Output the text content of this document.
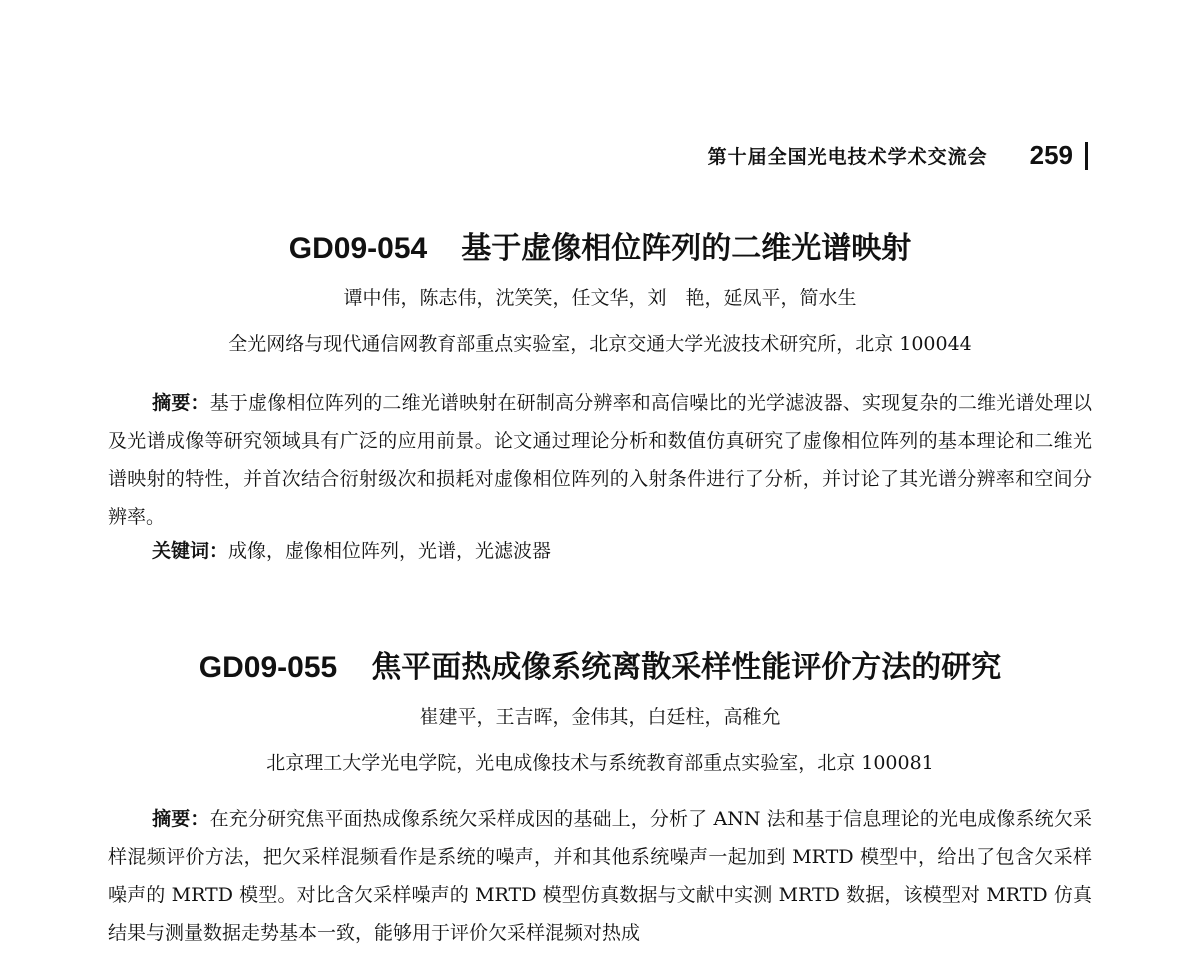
第十届全国光电技术学术交流会 259
GD09-054 基于虚像相位阵列的二维光谱映射
谭中伟，陈志伟，沈笑笑，任文华，刘　艳，延凤平，简水生
全光网络与现代通信网教育部重点实验室，北京交通大学光波技术研究所，北京 100044
摘要：基于虚像相位阵列的二维光谱映射在研制高分辨率和高信噪比的光学滤波器、实现复杂的二维光谱处理以及光谱成像等研究领域具有广泛的应用前景。论文通过理论分析和数值仿真研究了虚像相位阵列的基本理论和二维光谱映射的特性，并首次结合衍射级次和损耗对虚像相位阵列的入射条件进行了分析，并讨论了其光谱分辨率和空间分辨率。
关键词：成像，虚像相位阵列，光谱，光滤波器
GD09-055 焦平面热成像系统离散采样性能评价方法的研究
崔建平，王吉晖，金伟其，白廷柱，高稚允
北京理工大学光电学院，光电成像技术与系统教育部重点实验室，北京 100081
摘要：在充分研究焦平面热成像系统欠采样成因的基础上，分析了 ANN 法和基于信息理论的光电成像系统欠采样混频评价方法，把欠采样混频看作是系统的噪声，并和其他系统噪声一起加到 MRTD 模型中，给出了包含欠采样噪声的 MRTD 模型。对比含欠采样噪声的 MRTD 模型仿真数据与文献中实测 MRTD 数据，该模型对 MRTD 仿真结果与测量数据走势基本一致，能够用于评价欠采样混频对热成
